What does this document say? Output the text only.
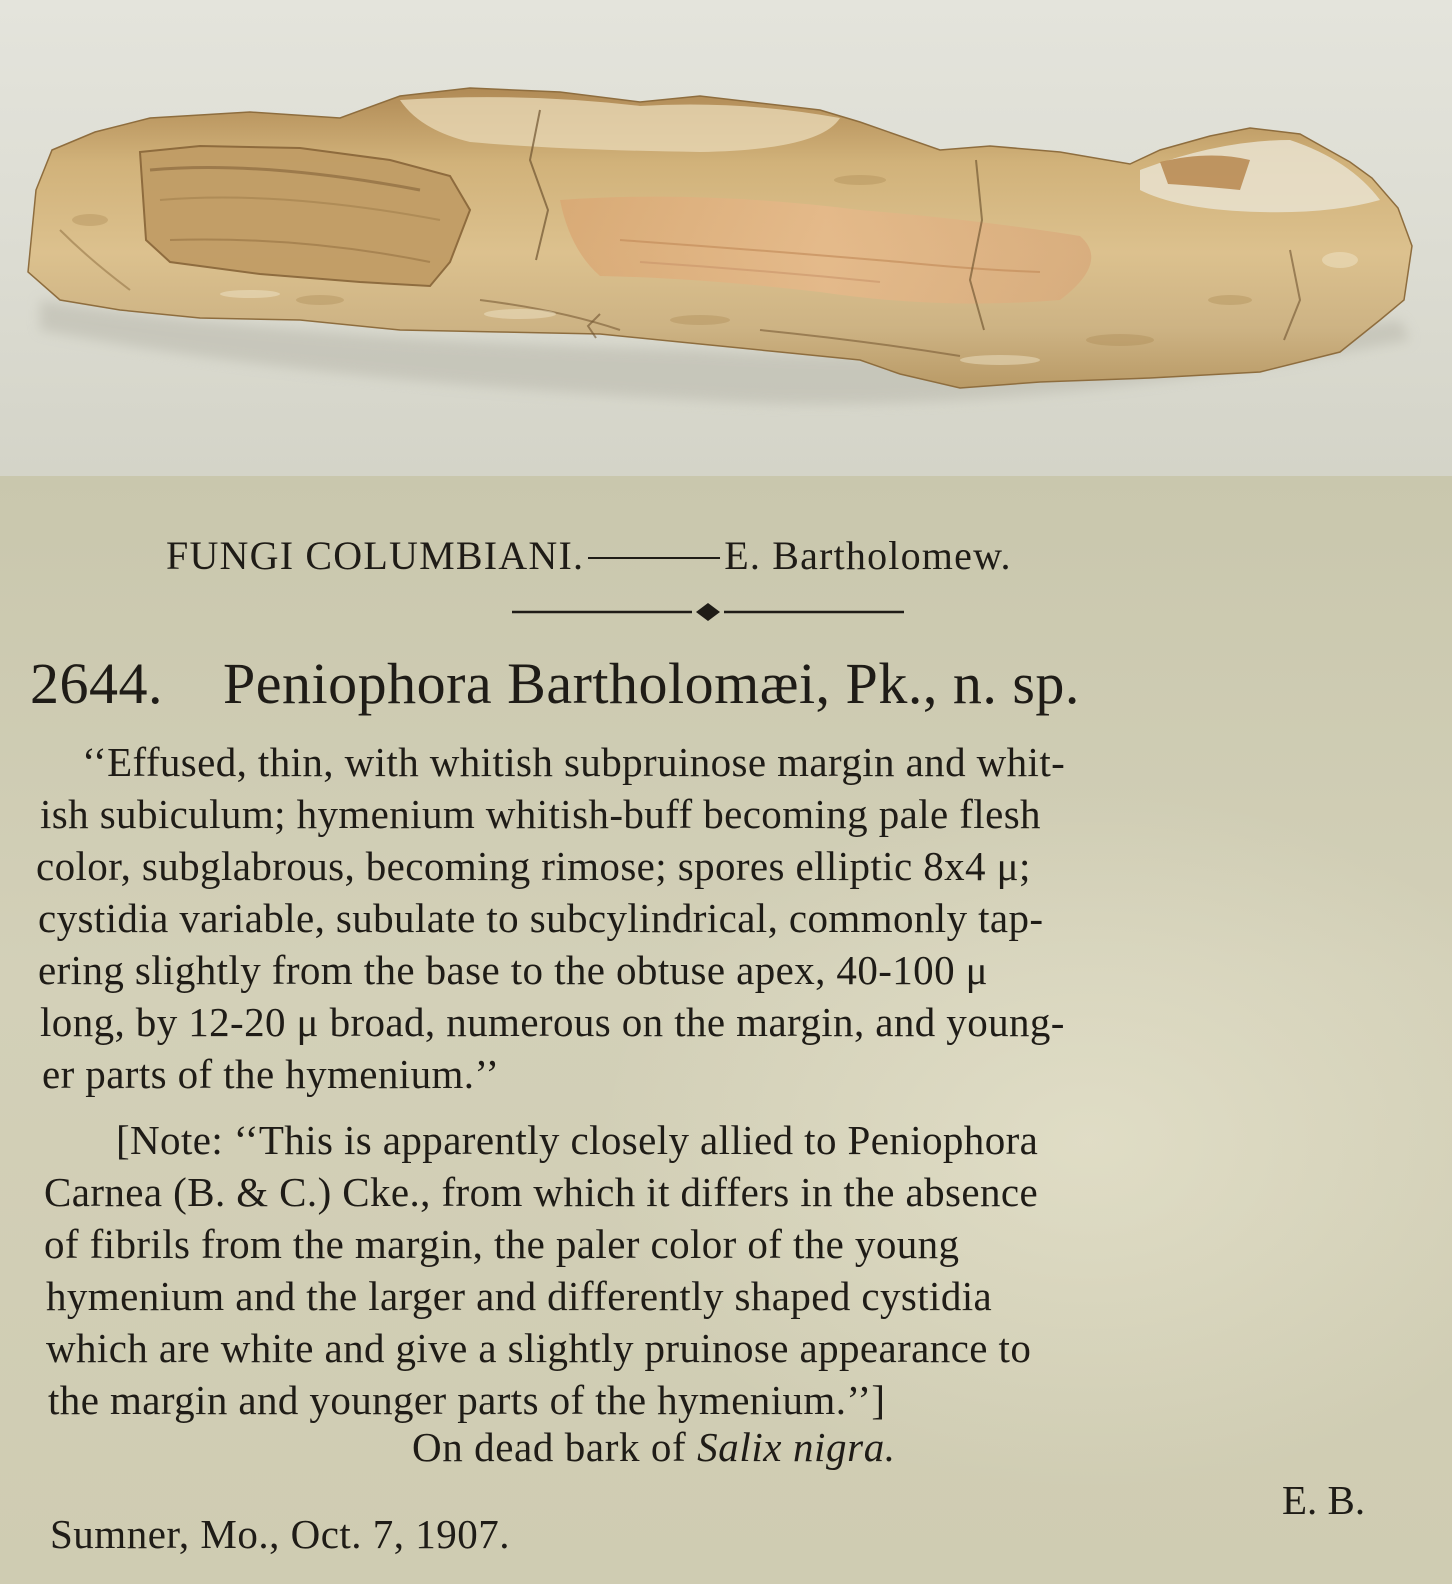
FUNGI COLUMBIANI.	E. Bartholomew.

2644. Peniophora Bartholomæi, Pk., n. sp.

‘‘Effused, thin, with whitish subpruinose margin and whit-

ish subiculum; hymenium whitish-buff becoming pale flesh

color, subglabrous, becoming rimose; spores elliptic 8x4 μ;

cystidia variable, subulate to subcylindrical, commonly tap-

ering slightly from the base to the obtuse apex, 40-100 μ

long, by 12-20 μ broad, numerous on the margin, and young-

er parts of the hymenium.’’

[Note: ‘‘This is apparently closely allied to Peniophora

Carnea (B. & C.) Cke., from which it differs in the absence

of fibrils from the margin, the paler color of the young

hymenium and the larger and differently shaped cystidia

which are white and give a slightly pruinose appearance to

the margin and younger parts of the hymenium.’’]

On dead bark of Salix nigra.

E. B.

Sumner, Mo., Oct. 7, 1907.
